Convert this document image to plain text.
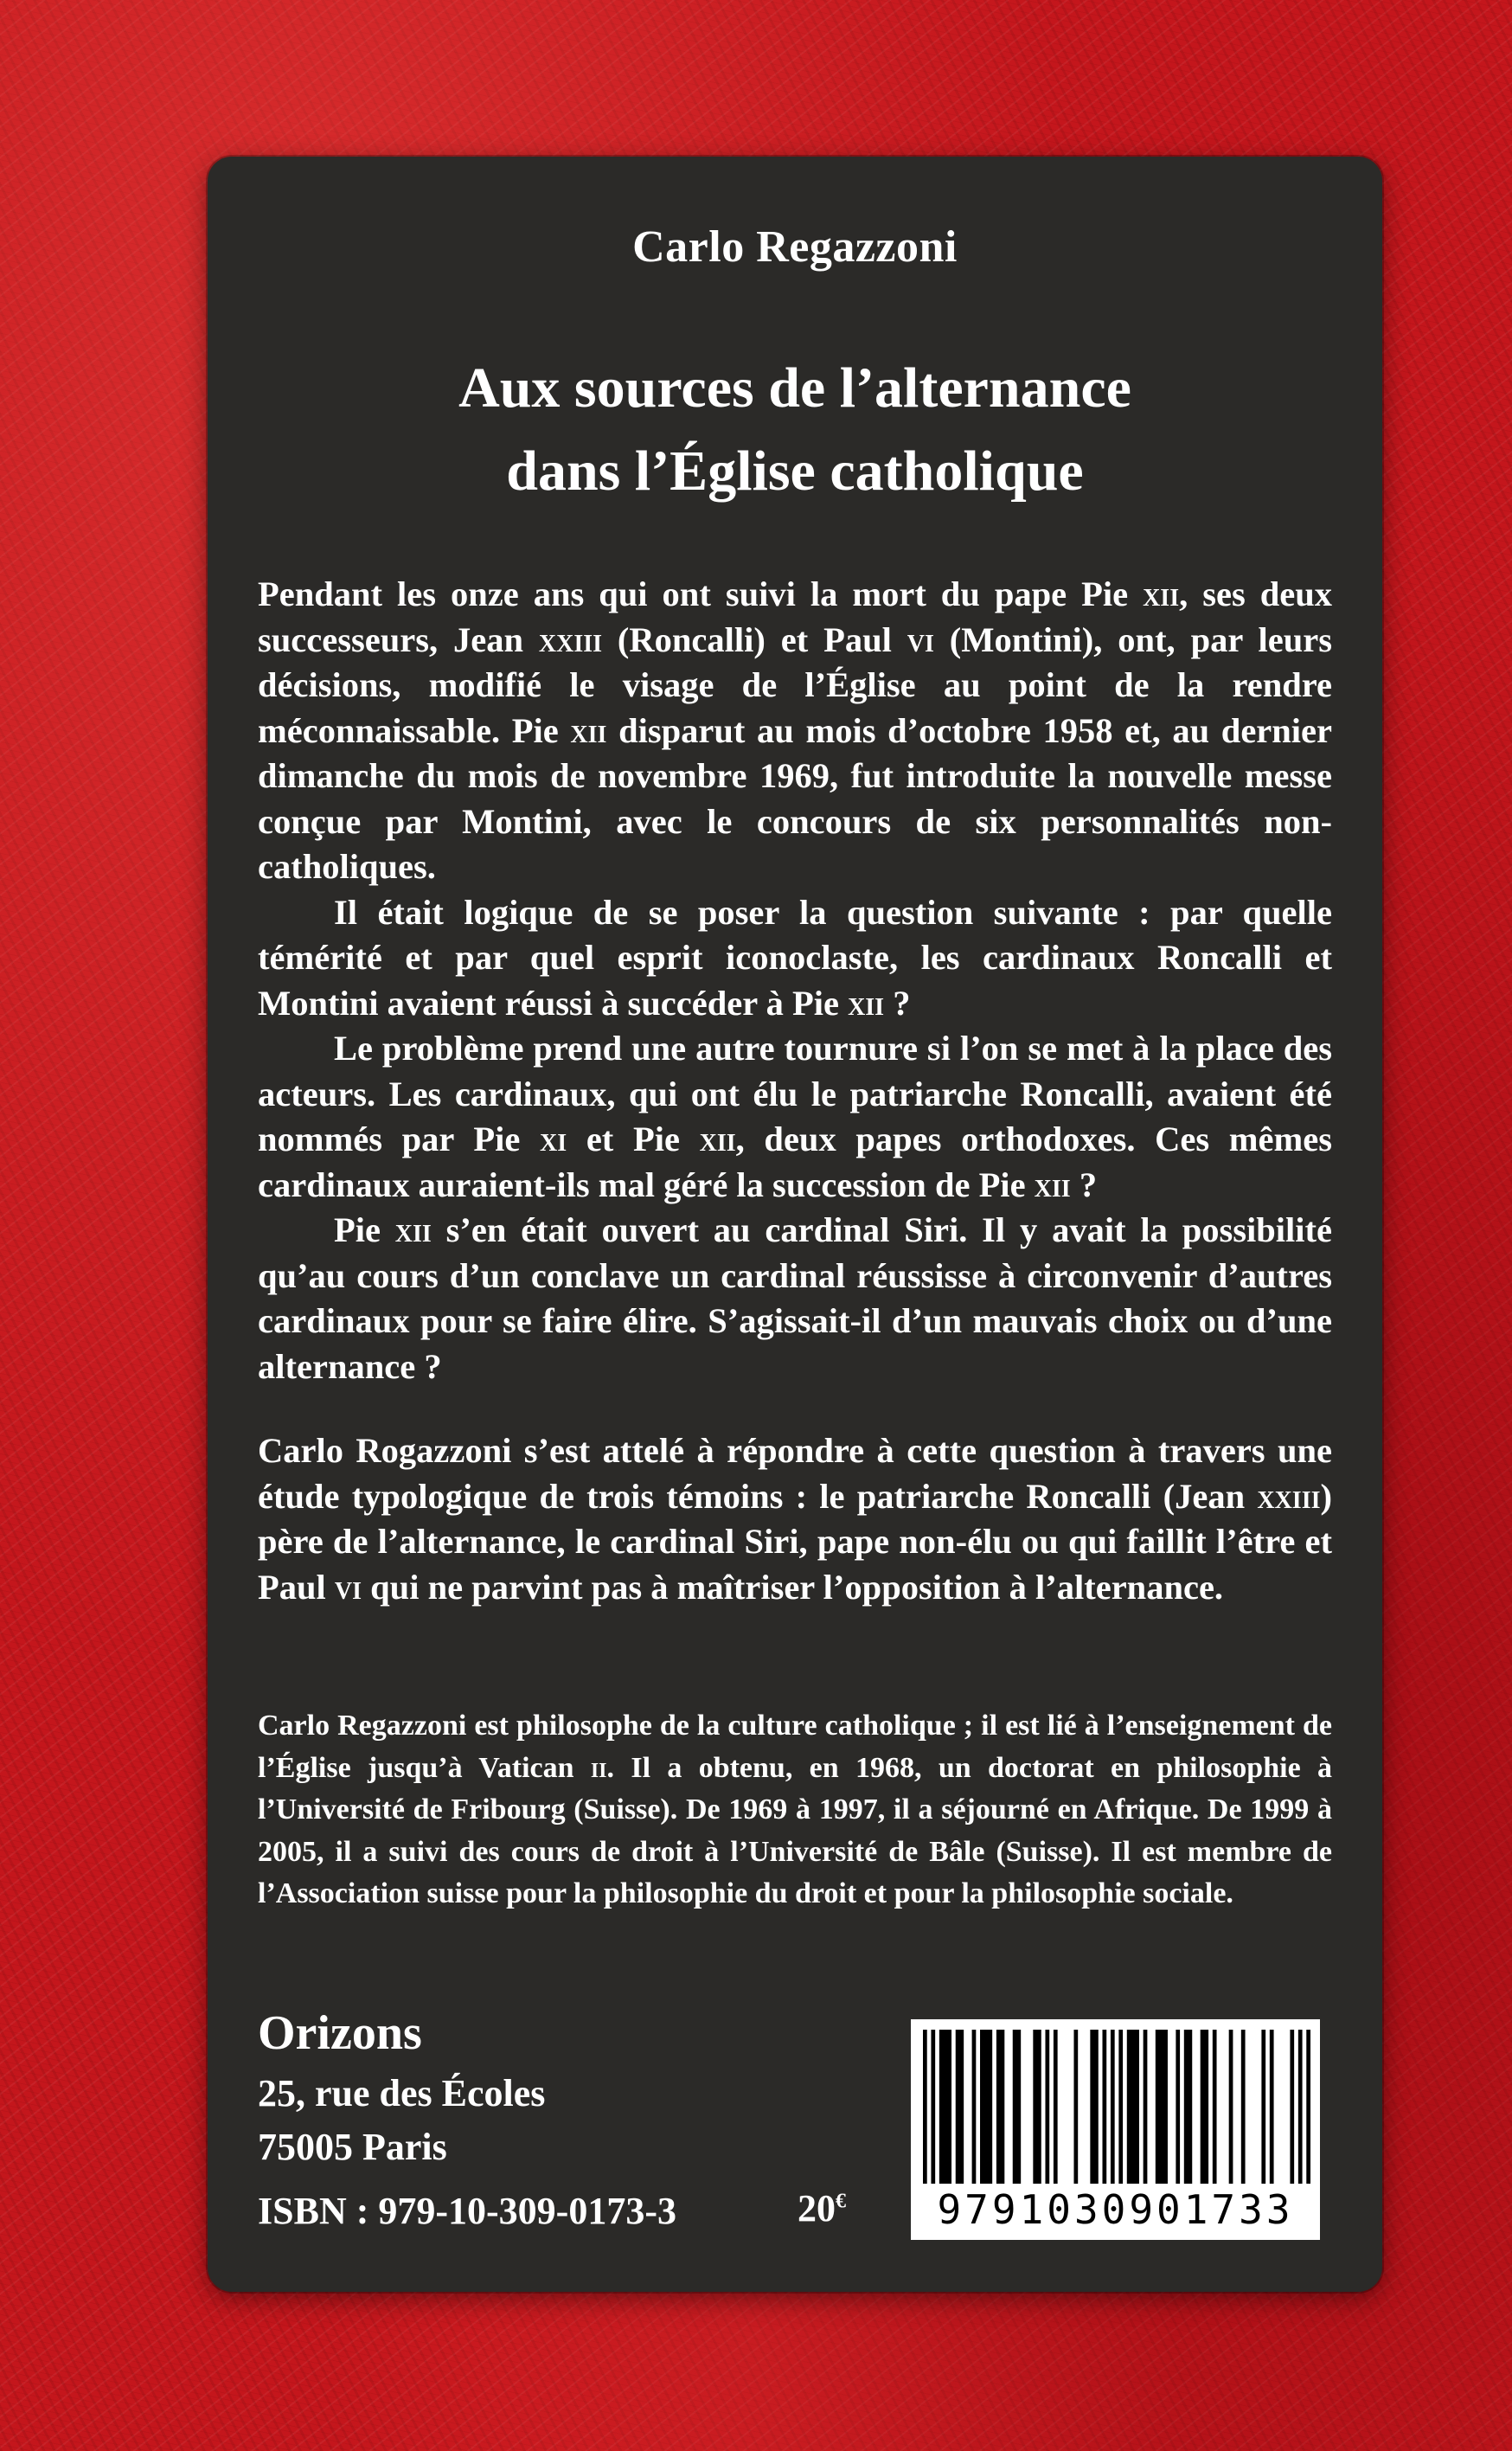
Carlo Regazzoni
Aux sources de l’alternance
dans l’Église catholique

Pendant les onze ans qui ont suivi la mort du pape Pie xii, ses deux successeurs, Jean xxiii (Roncalli) et Paul vi (Montini), ont, par leurs décisions, modifié le visage de l’Église au point de la rendre méconnaissable. Pie xii disparut au mois d’octobre 1958 et, au dernier dimanche du mois de novembre 1969, fut introduite la nouvelle messe conçue par Montini, avec le concours de six personnalités non-catholiques.

Il était logique de se poser la question suivante : par quelle témérité et par quel esprit iconoclaste, les cardinaux Roncalli et Montini avaient réussi à succéder à Pie xii ?

Le problème prend une autre tournure si l’on se met à la place des acteurs. Les cardinaux, qui ont élu le patriarche Roncalli, avaient été nommés par Pie xi et Pie xii, deux papes orthodoxes. Ces mêmes cardinaux auraient-ils mal géré la succession de Pie xii ?

Pie xii s’en était ouvert au cardinal Siri. Il y avait la possibilité qu’au cours d’un conclave un cardinal réussisse à circonvenir d’autres cardinaux pour se faire élire. S’agissait-il d’un mauvais choix ou d’une alternance ?

Carlo Rogazzoni s’est attelé à répondre à cette question à travers une étude typologique de trois témoins : le patriarche Roncalli (Jean xxiii) père de l’alternance, le cardinal Siri, pape non-élu ou qui faillit l’être et Paul vi qui ne parvint pas à maîtriser l’opposition à l’alternance.

Carlo Regazzoni est philosophe de la culture catholique ; il est lié à l’enseignement de l’Église jusqu’à Vatican ii. Il a obtenu, en 1968, un doctorat en philosophie à l’Université de Fribourg (Suisse). De 1969 à 1997, il a séjourné en Afrique. De 1999 à 2005, il a suivi des cours de droit à l’Université de Bâle (Suisse). Il est membre de l’Association suisse pour la philosophie du droit et pour la philosophie sociale.

Orizons
25, rue des Écoles
75005 Paris
ISBN : 979-10-309-0173-3	20€	9791030901733
